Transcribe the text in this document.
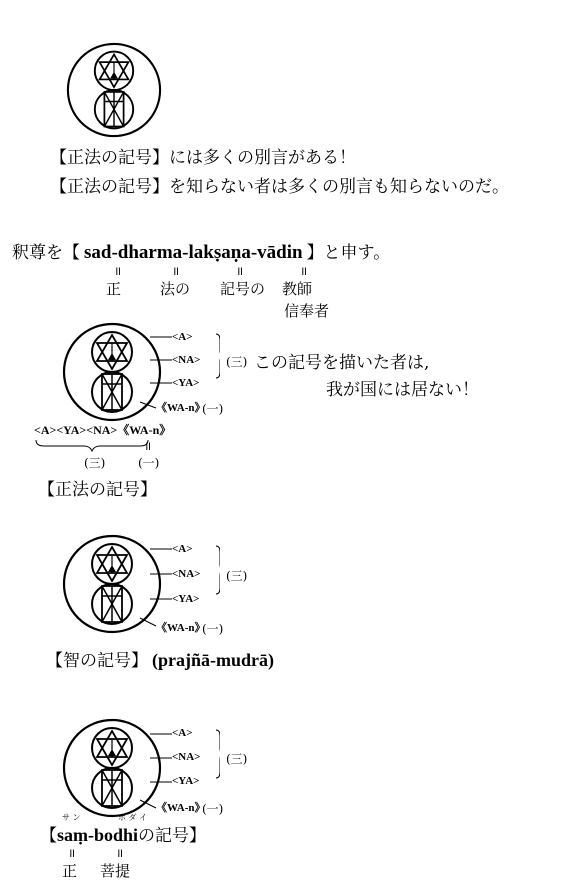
【正法の記号】には多くの別言がある！
【正法の記号】を知らない者は多くの別言も知らないのだ。
釈尊を【 sad-dharma-lakṣaṇa-vādin 】と申す。
॥	॥	॥	॥
正	法の 記号の 教師
信奉者
<A>
<NA>
<YA>
《WA-n》
(三)
(一)
この記号を描いた者は,
我が国には居ない！
<A><YA><NA>《WA-n》
॥
(三)	(一)
【正法の記号】
<A>
<NA>
<YA>
《WA-n》
(三)
(一)
【智の記号】 (prajñā-mudrā)
<A>
<NA>
<YA>
《WA-n》
(三)
(一)
サ ン	ボ ダ イ
【saṃ-bodhiの記号】
॥	॥
正 菩提
